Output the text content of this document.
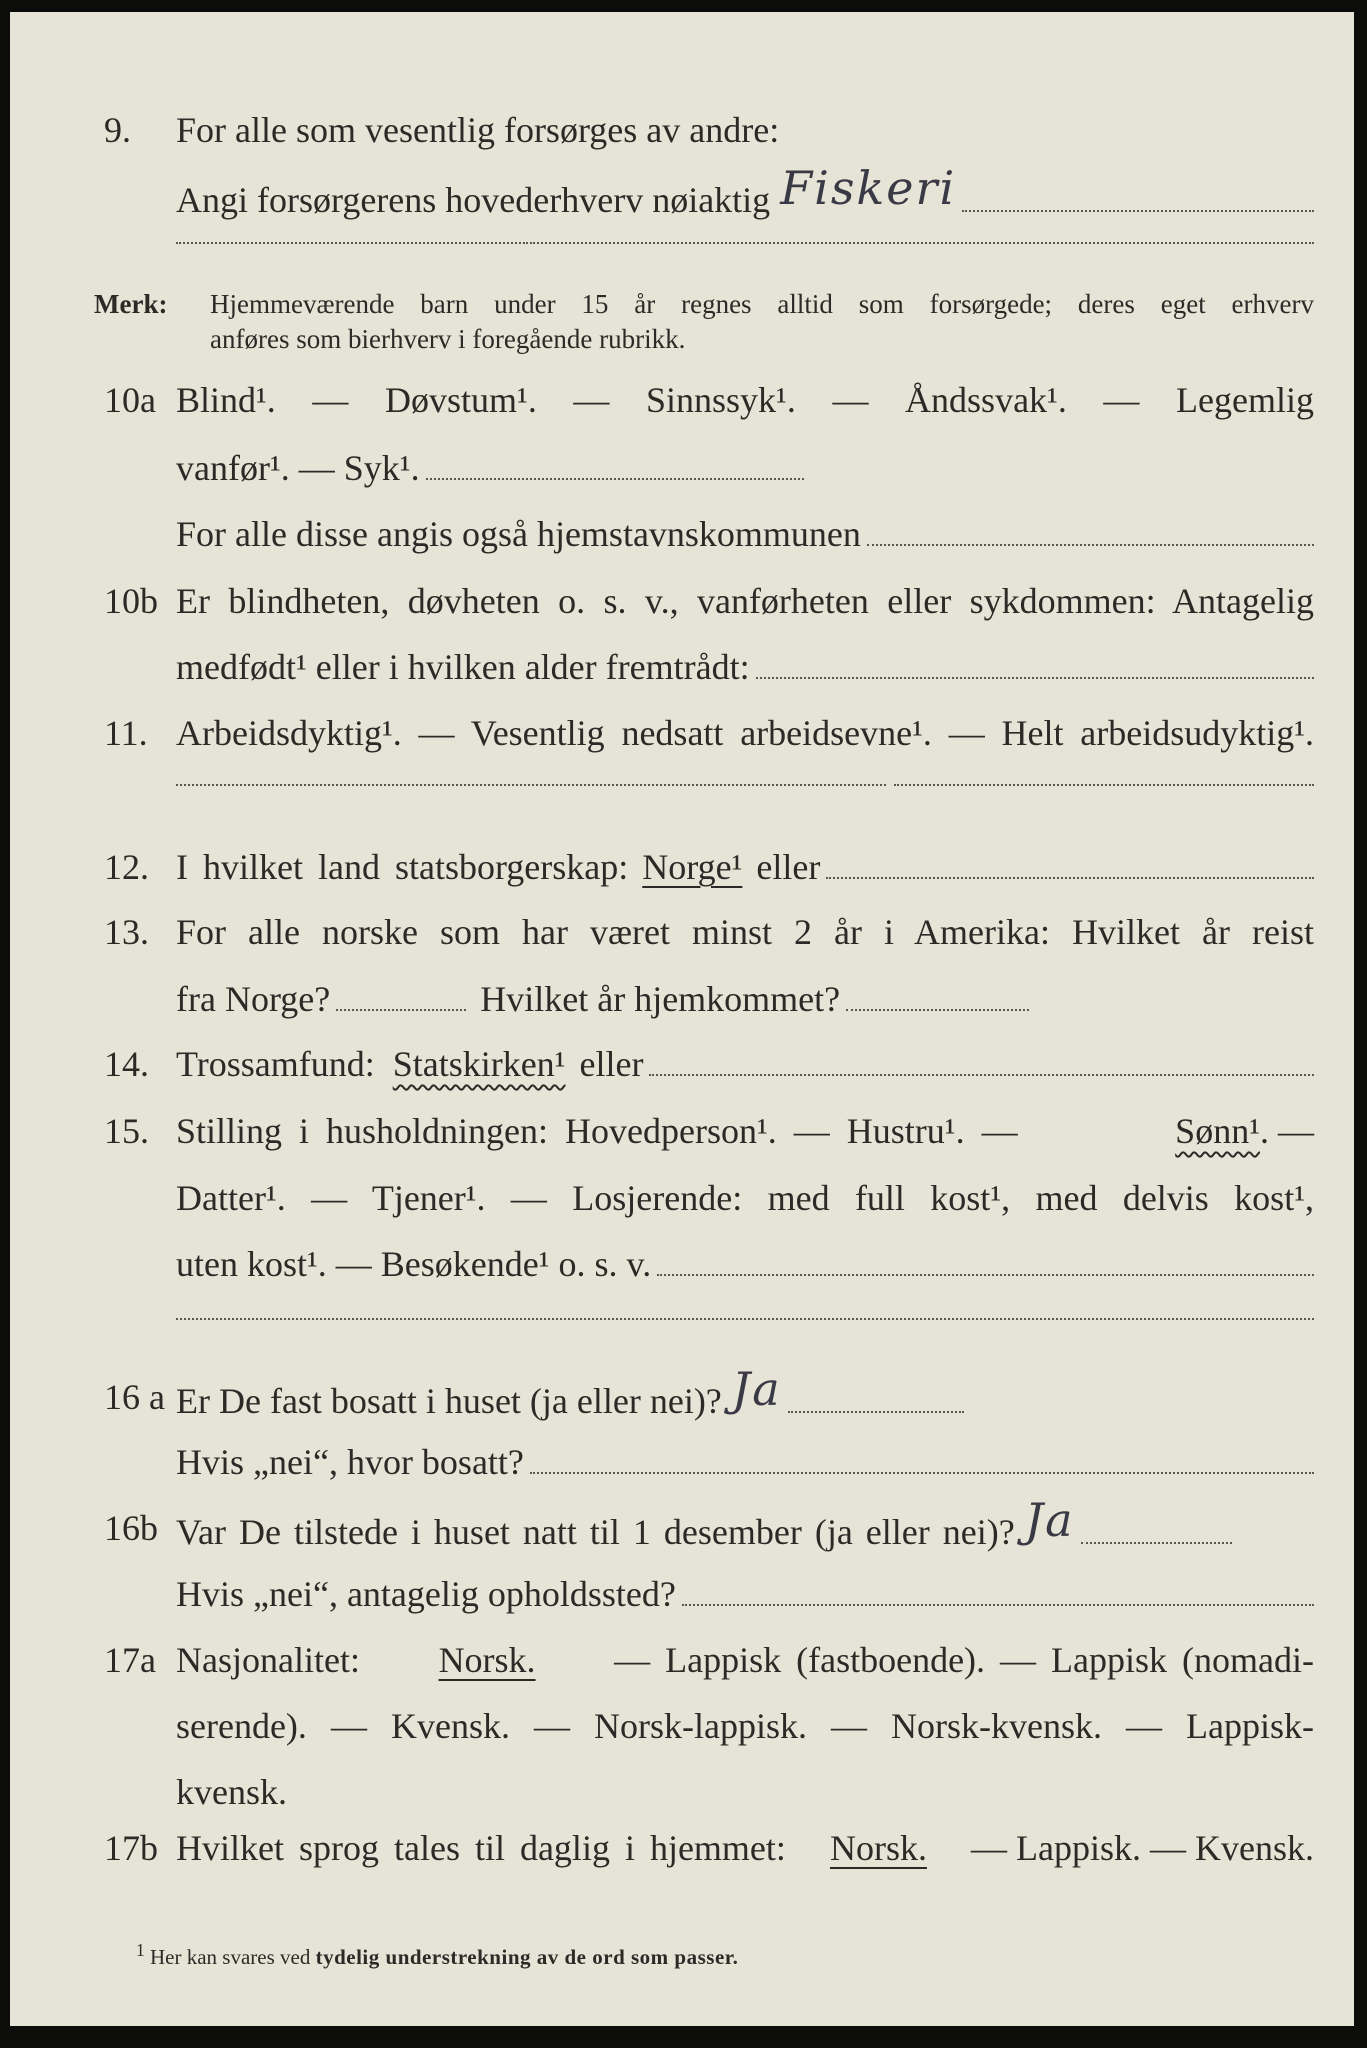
9. For alle som vesentlig forsørges av andre:
Angi forsørgerens hovederhverv nøiaktig Fiskeri
Merk: Hjemmeværende barn under 15 år regnes alltid som forsørgede; deres eget erhverv
anføres som bierhverv i foregående rubrikk.
10a Blind¹. — Døvstum¹. — Sinnssyk¹. — Åndssvak¹. — Legemlig
vanfør¹. — Syk¹.
For alle disse angis også hjemstavnskommunen
10b Er blindheten, døvheten o. s. v., vanførheten eller sykdommen: Antagelig
medfødt¹ eller i hvilken alder fremtrådt:
11. Arbeidsdyktig¹. — Vesentlig nedsatt arbeidsevne¹. — Helt arbeidsudyktig¹.
12. I hvilket land statsborgerskap: Norge¹ eller
13. For alle norske som har været minst 2 år i Amerika: Hvilket år reist
fra Norge?	Hvilket år hjemkommet?
14. Trossamfund: Statskirken¹ eller
15. Stilling i husholdningen: Hovedperson¹. — Hustru¹. —	Sønn¹. —
Datter¹. — Tjener¹. — Losjerende: med full kost¹, med delvis kost¹,
uten kost¹. — Besøkende¹ o. s. v.
16 a Er De fast bosatt i huset (ja eller nei)? Ja
Hvis „nei“, hvor bosatt?
16b Var De tilstede i huset natt til 1 desember (ja eller nei)? Ja
Hvis „nei“, antagelig opholdssted?
17a Nasjonalitet: Norsk. — Lappisk (fastboende). — Lappisk (nomadi-
serende). — Kvensk. — Norsk-lappisk. — Norsk-kvensk. — Lappisk-
kvensk.
17b Hvilket sprog tales til daglig i hjemmet: Norsk. — Lappisk. — Kvensk.
$^1$ Her kan svares ved tydelig understrekning av de ord som passer.
